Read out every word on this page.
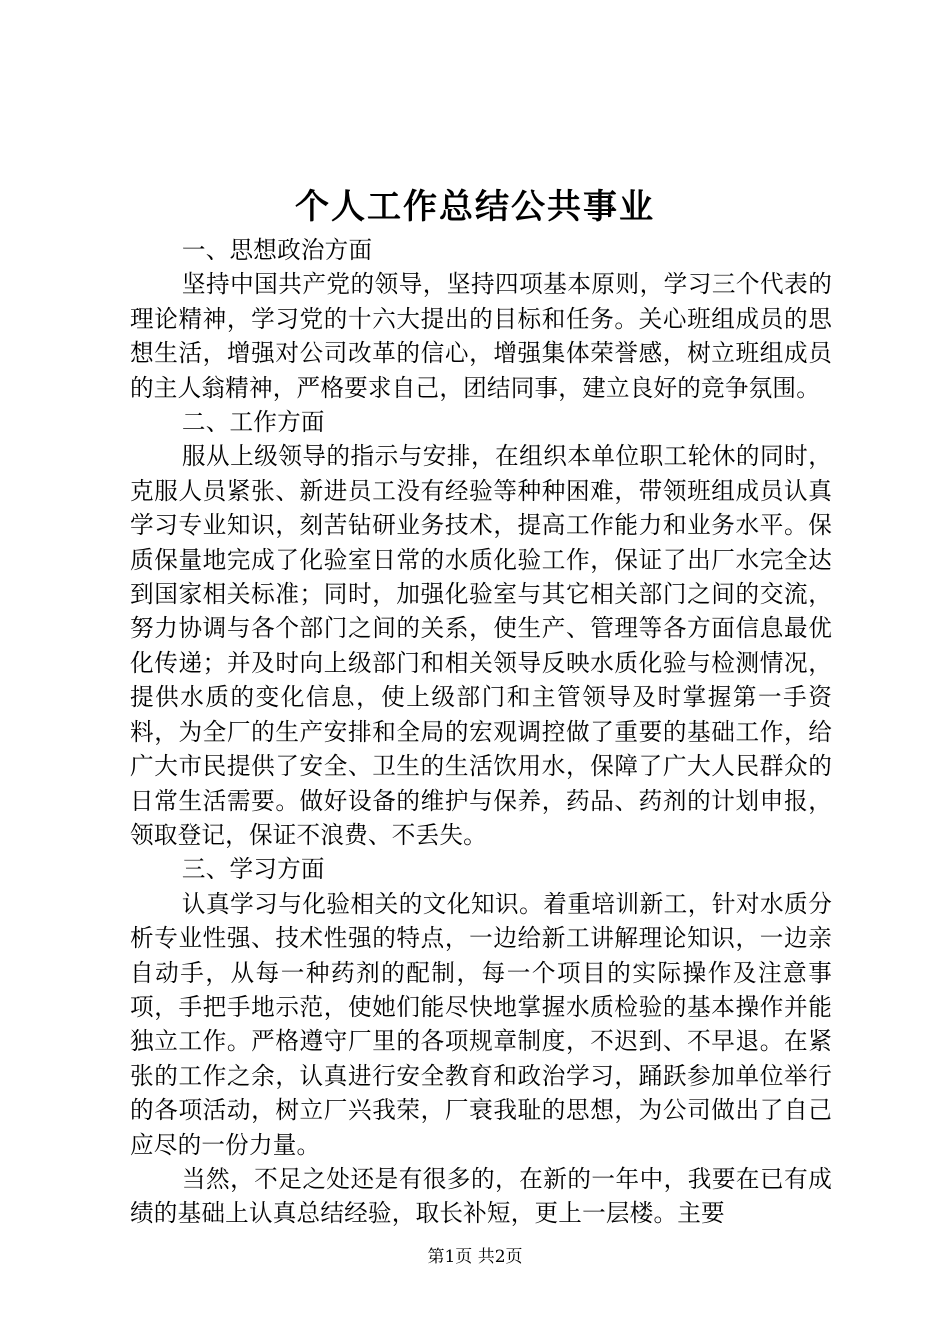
个人工作总结公共事业

一、思想政治方面

坚持中国共产党的领导，坚持四项基本原则，学习三个代表的理论精神，学习党的十六大提出的目标和任务。关心班组成员的思想生活，增强对公司改革的信心，增强集体荣誉感，树立班组成员的主人翁精神，严格要求自己，团结同事，建立良好的竞争氛围。

二、工作方面

服从上级领导的指示与安排，在组织本单位职工轮休的同时，克服人员紧张、新进员工没有经验等种种困难，带领班组成员认真学习专业知识，刻苦钻研业务技术，提高工作能力和业务水平。保质保量地完成了化验室日常的水质化验工作，保证了出厂水完全达到国家相关标准；同时，加强化验室与其它相关部门之间的交流，努力协调与各个部门之间的关系，使生产、管理等各方面信息最优化传递；并及时向上级部门和相关领导反映水质化验与检测情况，提供水质的变化信息，使上级部门和主管领导及时掌握第一手资料，为全厂的生产安排和全局的宏观调控做了重要的基础工作，给广大市民提供了安全、卫生的生活饮用水，保障了广大人民群众的日常生活需要。做好设备的维护与保养，药品、药剂的计划申报，领取登记，保证不浪费、不丢失。

三、学习方面

认真学习与化验相关的文化知识。着重培训新工，针对水质分析专业性强、技术性强的特点，一边给新工讲解理论知识，一边亲自动手，从每一种药剂的配制，每一个项目的实际操作及注意事项，手把手地示范，使她们能尽快地掌握水质检验的基本操作并能独立工作。严格遵守厂里的各项规章制度，不迟到、不早退。在紧张的工作之余，认真进行安全教育和政治学习，踊跃参加单位举行的各项活动，树立厂兴我荣，厂衰我耻的思想，为公司做出了自己应尽的一份力量。

当然，不足之处还是有很多的，在新的一年中，我要在已有成绩的基础上认真总结经验，取长补短，更上一层楼。主要

第1页 共2页
